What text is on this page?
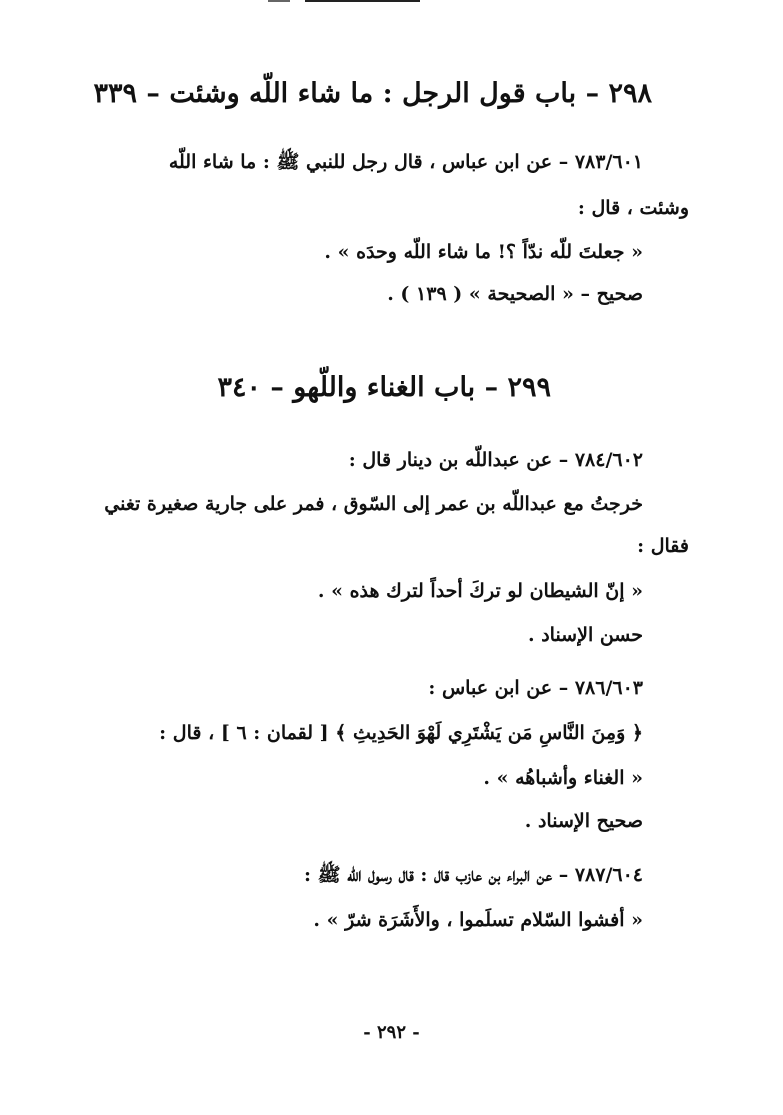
٢٩٨ – باب قول الرجل : ما شاء اللّه وشئت – ٣٣٩
٧٨٣/٦٠١ – عن ابن عباس ، قال رجل للنبي ﷺ : ما شاء اللّه
وشئت ، قال :
« جعلتَ للّه ندّاً ؟! ما شاء اللّه وحدَه » .
صحيح – « الصحيحة » ( ١٣٩ ) .
٢٩٩ – باب الغناء واللّهو – ٣٤٠
٧٨٤/٦٠٢ – عن عبداللّه بن دينار قال :
خرجتُ مع عبداللّه بن عمر إلى السّوق ، فمر على جارية صغيرة تغني
فقال :
« إنّ الشيطان لو تركَ أحداً لترك هذه » .
حسن الإسناد .
٧٨٦/٦٠٣ – عن ابن عباس :
﴿ وَمِنَ النَّاسِ مَن يَشْتَرِي لَهْوَ الحَدِيثِ ﴾ [ لقمان : ٦ ] ، قال :
« الغناء وأشباهُه » .
صحيح الإسناد .
٧٨٧/٦٠٤ – عن البراء بن عازب قال : قال رسول اللّه ﷺ :
« أفشوا السّلام تسلَموا ، والأَشَرَة شرّ » .
- ٢٩٢ -
